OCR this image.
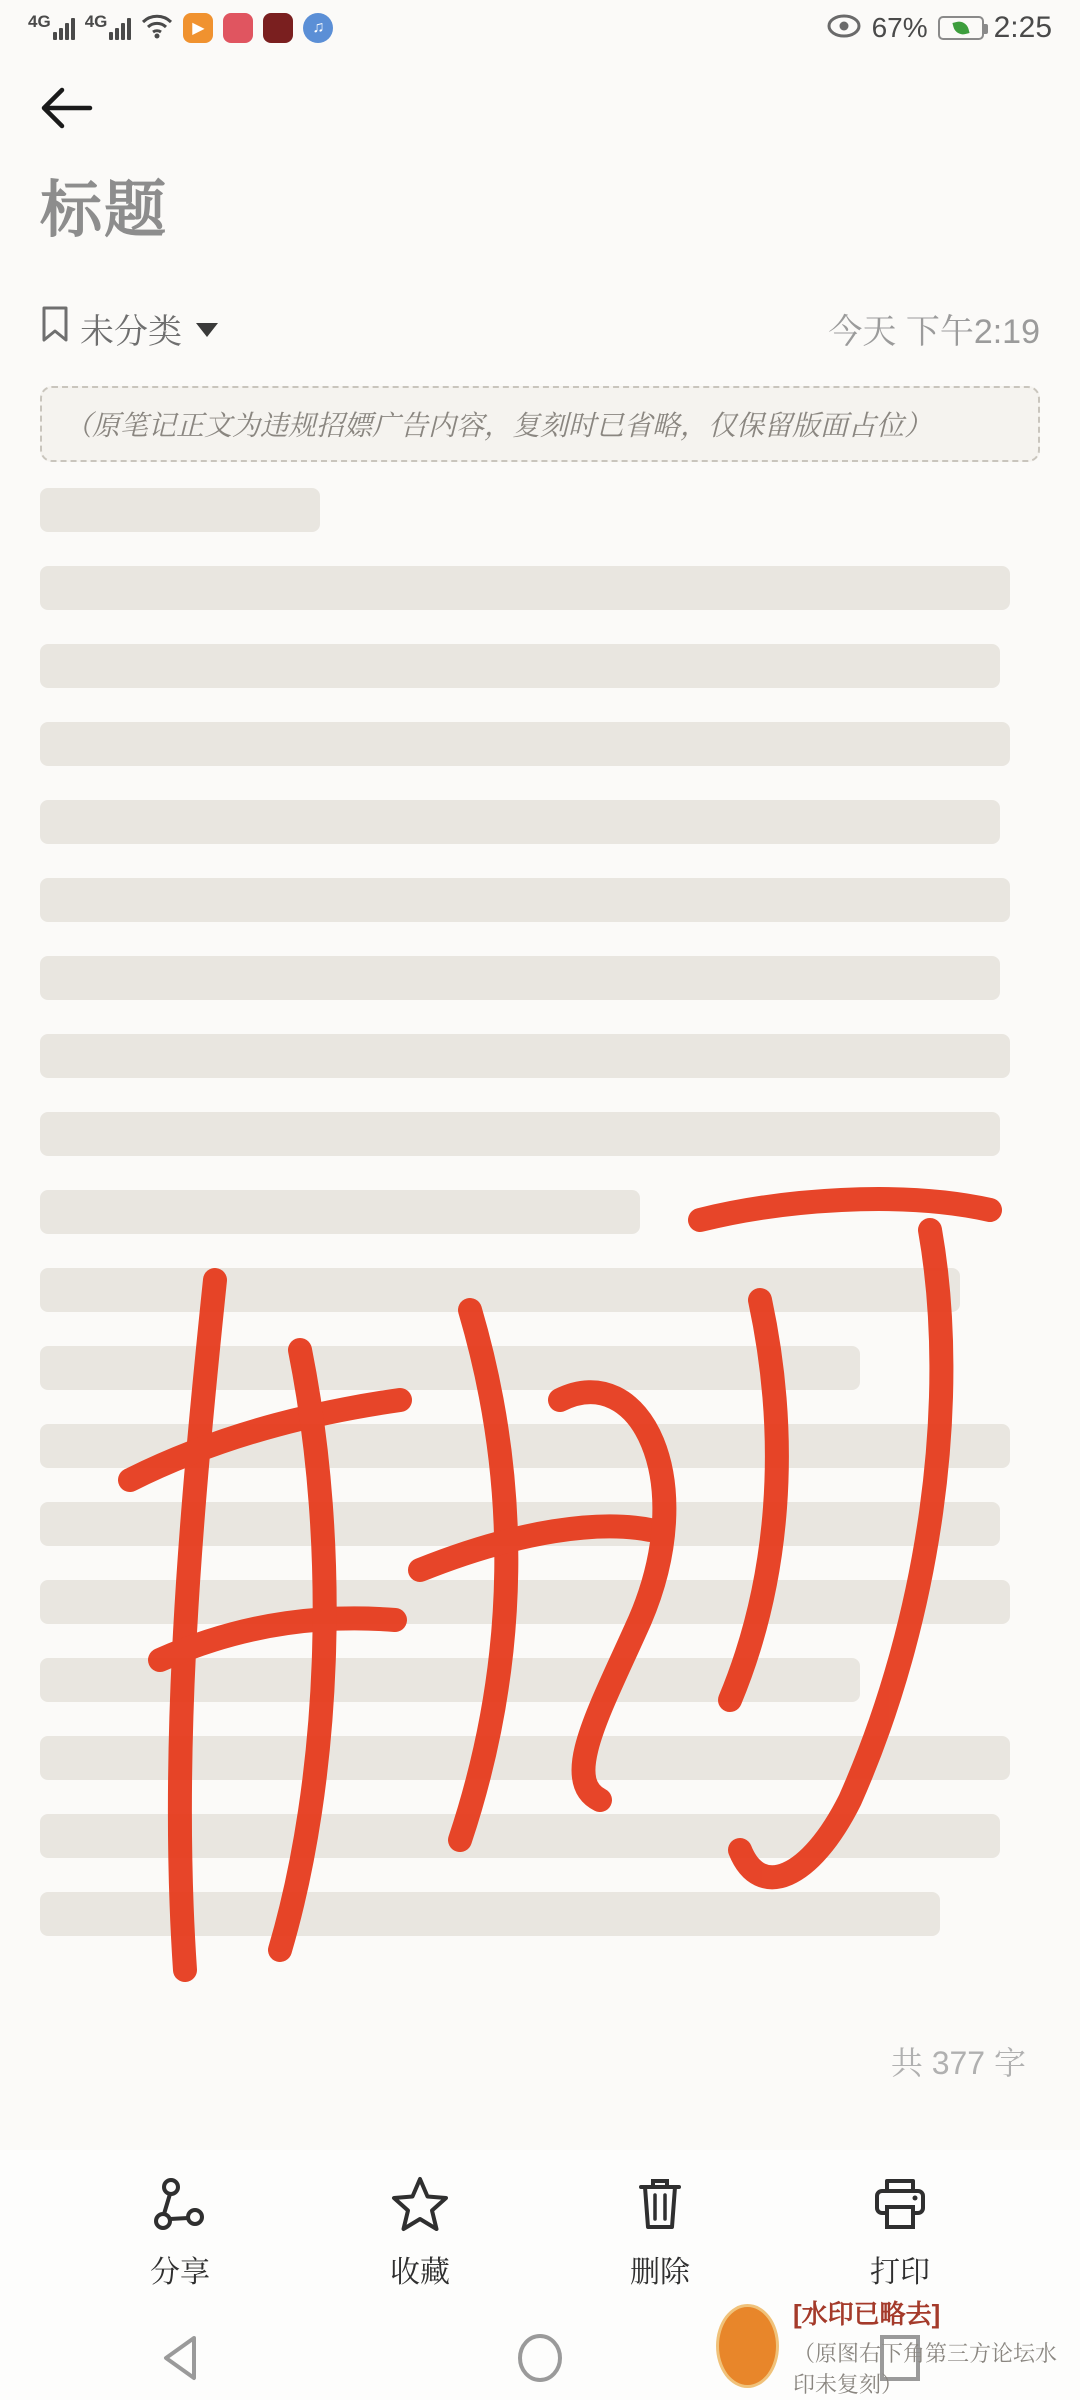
4G 4G	▶	♫	67% 2:25
标题
未分类	今天 下午2:19
（原笔记正文为违规招嫖广告内容，复刻时已省略，仅保留版面占位）
共 377 字
分享	收藏	删除	打印
[水印已略去]
（原图右下角第三方论坛水印未复刻）
